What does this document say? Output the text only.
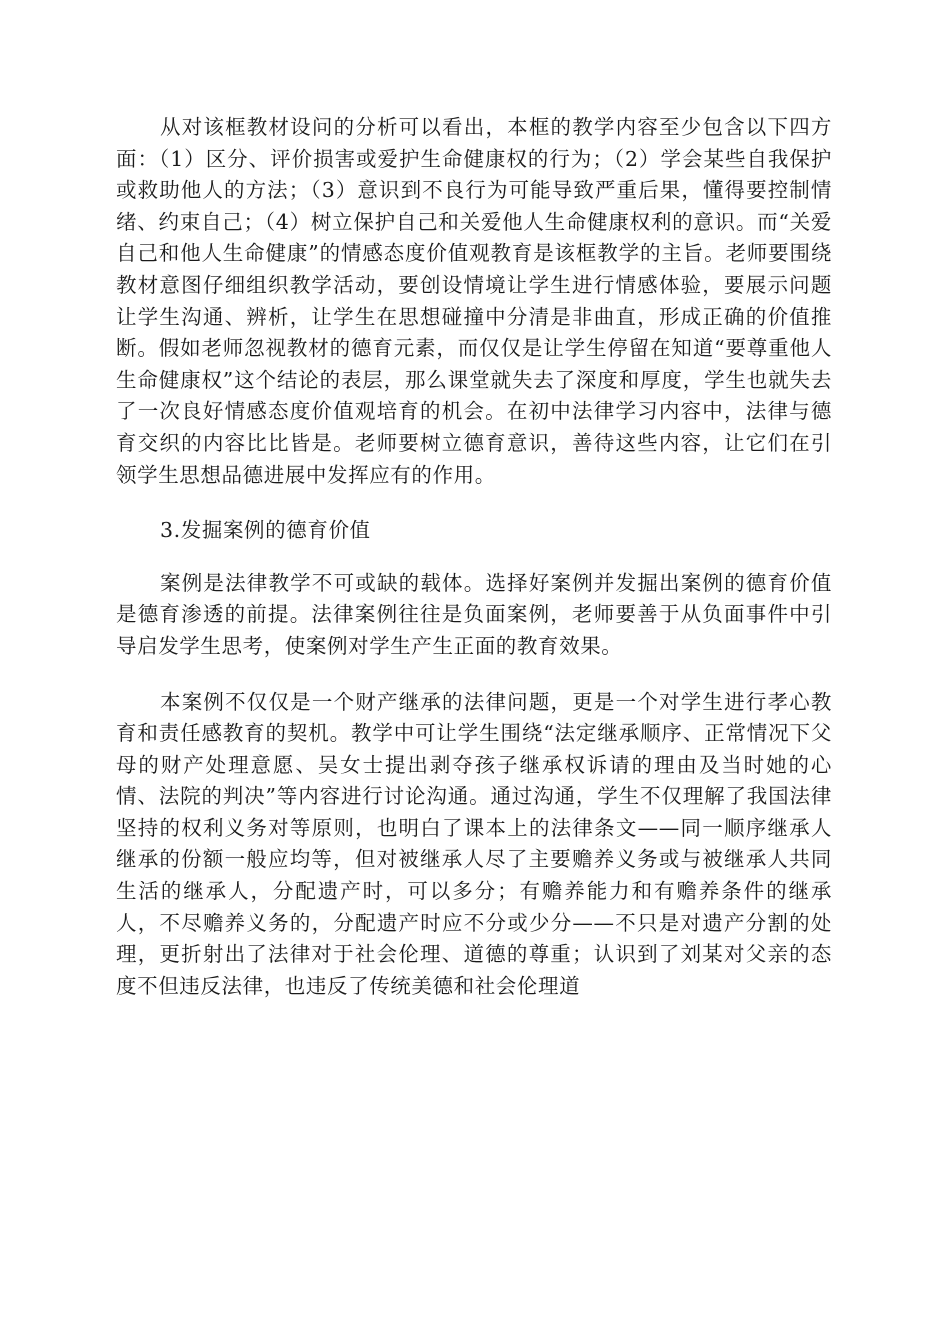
从对该框教材设问的分析可以看出，本框的教学内容至少包含以下四方面：（1）区分、评价损害或爱护生命健康权的行为；（2）学会某些自我保护或救助他人的方法；（3）意识到不良行为可能导致严重后果，懂得要控制情绪、约束自己；（4）树立保护自己和关爱他人生命健康权利的意识。而“关爱自己和他人生命健康”的情感态度价值观教育是该框教学的主旨。老师要围绕教材意图仔细组织教学活动，要创设情境让学生进行情感体验，要展示问题让学生沟通、辨析，让学生在思想碰撞中分清是非曲直，形成正确的价值推断。假如老师忽视教材的德育元素，而仅仅是让学生停留在知道“要尊重他人生命健康权”这个结论的表层，那么课堂就失去了深度和厚度，学生也就失去了一次良好情感态度价值观培育的机会。在初中法律学习内容中，法律与德育交织的内容比比皆是。老师要树立德育意识，善待这些内容，让它们在引领学生思想品德进展中发挥应有的作用。

3.发掘案例的德育价值

案例是法律教学不可或缺的载体。选择好案例并发掘出案例的德育价值是德育渗透的前提。法律案例往往是负面案例，老师要善于从负面事件中引导启发学生思考，使案例对学生产生正面的教育效果。

本案例不仅仅是一个财产继承的法律问题，更是一个对学生进行孝心教育和责任感教育的契机。教学中可让学生围绕“法定继承顺序、正常情况下父母的财产处理意愿、吴女士提出剥夺孩子继承权诉请的理由及当时她的心情、法院的判决”等内容进行讨论沟通。通过沟通，学生不仅理解了我国法律坚持的权利义务对等原则，也明白了课本上的法律条文——同一顺序继承人继承的份额一般应均等，但对被继承人尽了主要赡养义务或与被继承人共同生活的继承人，分配遗产时，可以多分；有赡养能力和有赡养条件的继承人，不尽赡养义务的，分配遗产时应不分或少分——不只是对遗产分割的处理，更折射出了法律对于社会伦理、道德的尊重；认识到了刘某对父亲的态度不但违反法律，也违反了传统美德和社会伦理道
